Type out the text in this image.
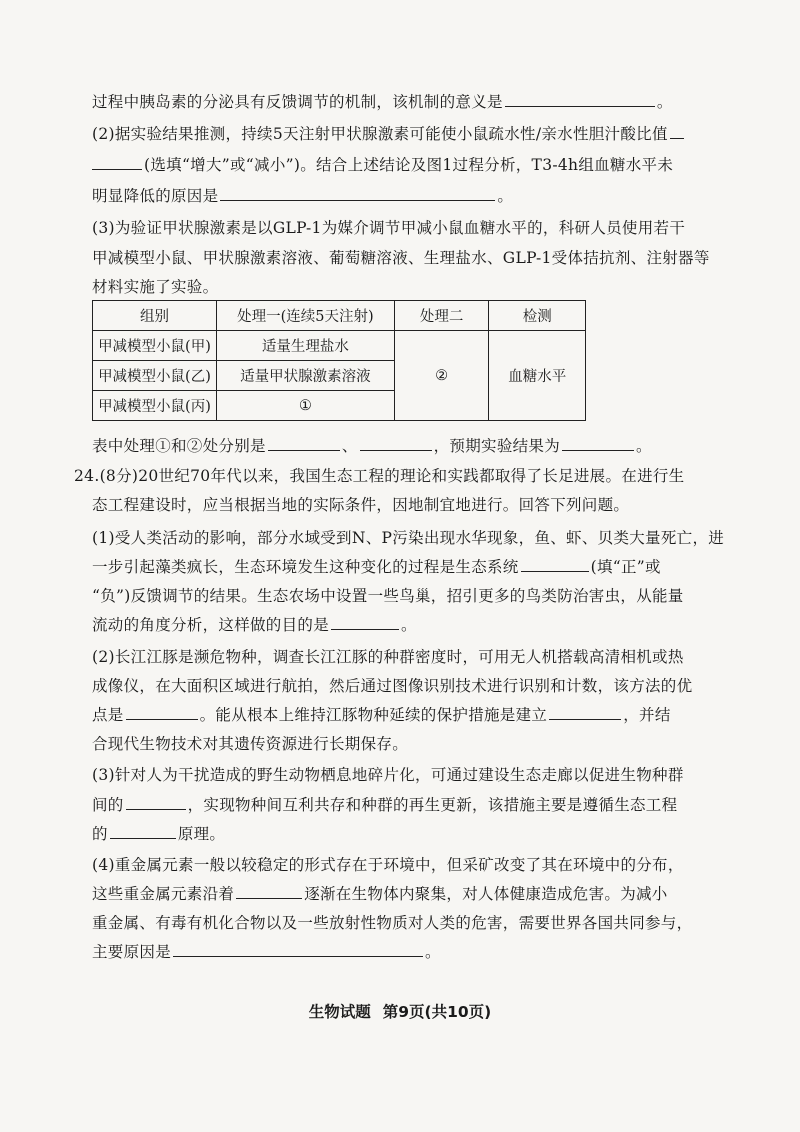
过程中胰岛素的分泌具有反馈调节的机制，该机制的意义是	。
(2)据实验结果推测，持续5天注射甲状腺激素可能使小鼠疏水性/亲水性胆汁酸比值
(选填“增大”或“减小”)。结合上述结论及图1过程分析，T3-4h组血糖水平未
明显降低的原因是	。
(3)为验证甲状腺激素是以GLP-1为媒介调节甲减小鼠血糖水平的，科研人员使用若干
甲减模型小鼠、甲状腺激素溶液、葡萄糖溶液、生理盐水、GLP-1受体拮抗剂、注射器等
材料实施了实验。
组别	处理一(连续5天注射)	处理二	检测
甲减模型小鼠(甲)	适量生理盐水	②	血糖水平
甲减模型小鼠(乙)	适量甲状腺激素溶液		
甲减模型小鼠(丙)	①		
表中处理①和②处分别是	、	，预期实验结果为	。
24.(8分)20世纪70年代以来，我国生态工程的理论和实践都取得了长足进展。在进行生
态工程建设时，应当根据当地的实际条件，因地制宜地进行。回答下列问题。
(1)受人类活动的影响，部分水域受到N、P污染出现水华现象，鱼、虾、贝类大量死亡，进
一步引起藻类疯长，生态环境发生这种变化的过程是生态系统	(填“正”或
“负”)反馈调节的结果。生态农场中设置一些鸟巢，招引更多的鸟类防治害虫，从能量
流动的角度分析，这样做的目的是	。
(2)长江江豚是濒危物种，调查长江江豚的种群密度时，可用无人机搭载高清相机或热
成像仪，在大面积区域进行航拍，然后通过图像识别技术进行识别和计数，该方法的优
点是	。能从根本上维持江豚物种延续的保护措施是建立	，并结
合现代生物技术对其遗传资源进行长期保存。
(3)针对人为干扰造成的野生动物栖息地碎片化，可通过建设生态走廊以促进生物种群
间的	，实现物种间互利共存和种群的再生更新，该措施主要是遵循生态工程
的	原理。
(4)重金属元素一般以较稳定的形式存在于环境中，但采矿改变了其在环境中的分布，
这些重金属元素沿着	逐渐在生物体内聚集，对人体健康造成危害。为减小
重金属、有毒有机化合物以及一些放射性物质对人类的危害，需要世界各国共同参与，
主要原因是	。
生物试题 第9页(共10页)
